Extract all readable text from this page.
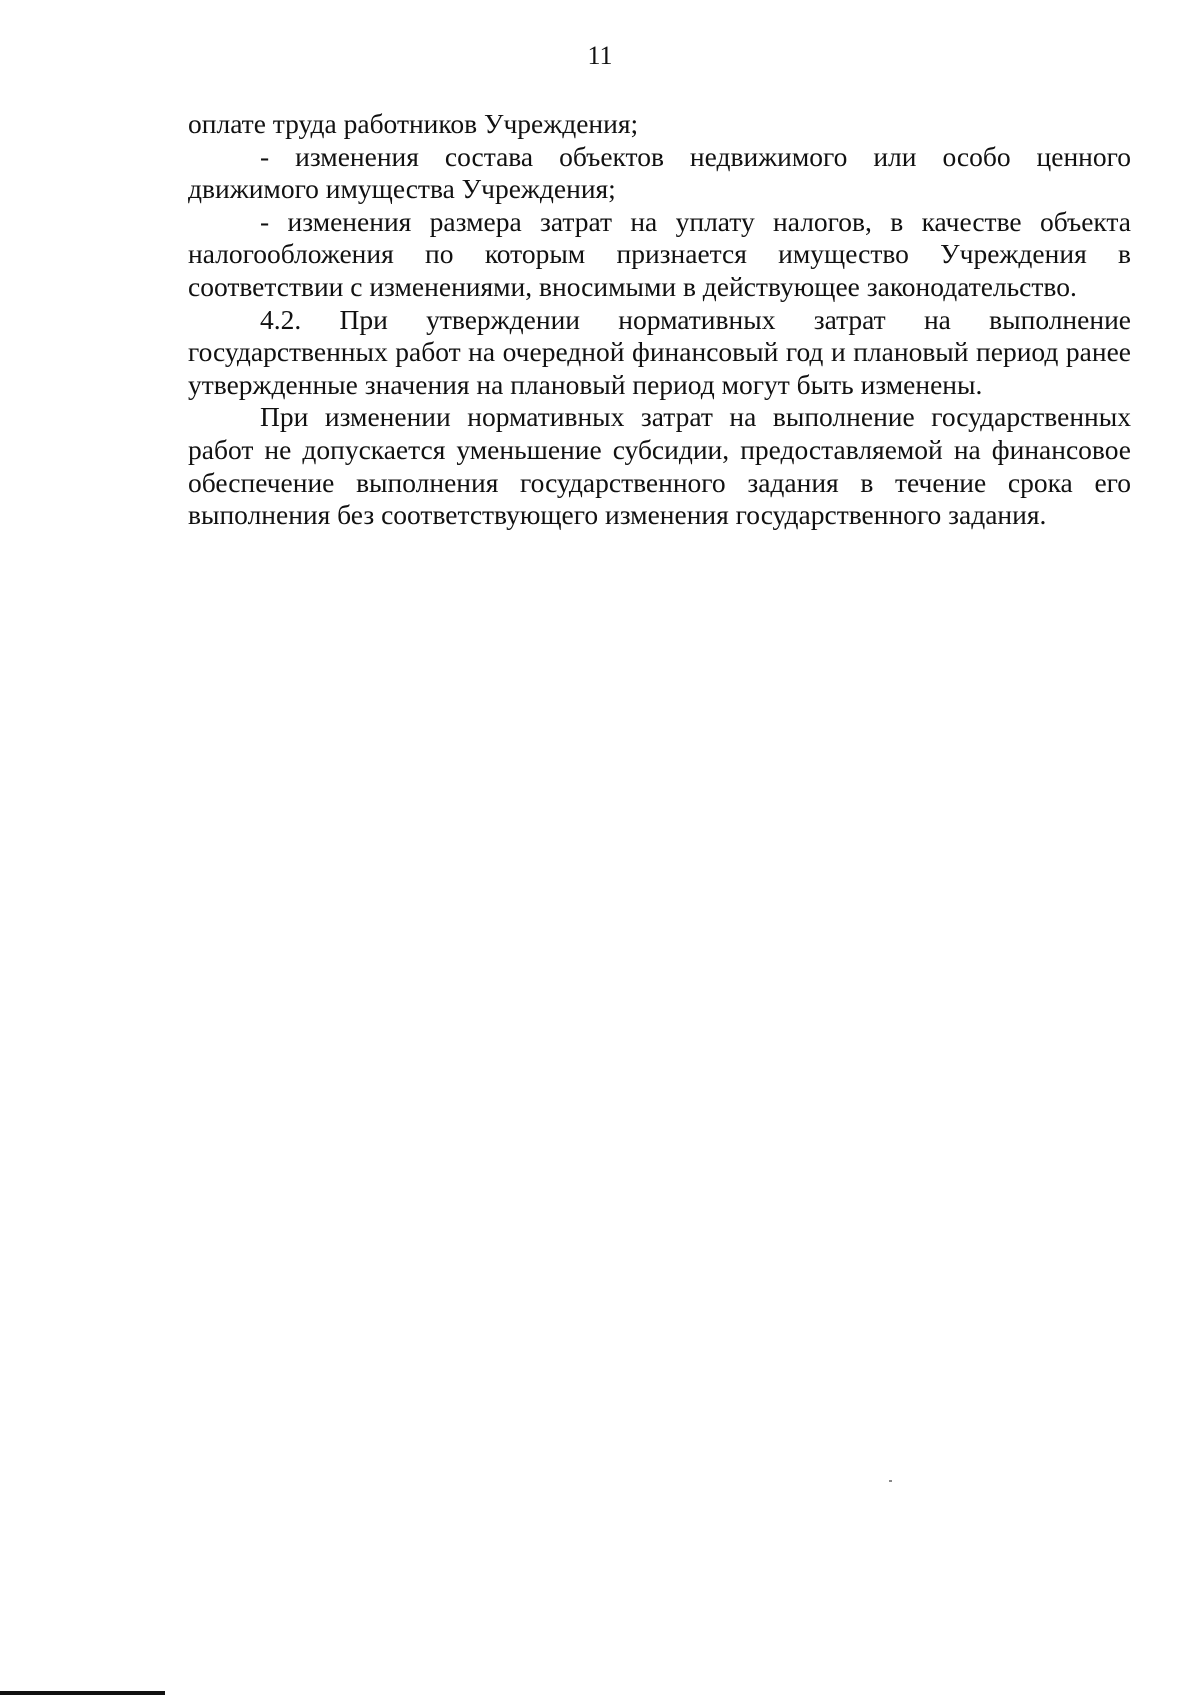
11

оплате труда работников Учреждения;

- изменения состава объектов недвижимого или особо ценного движимого имущества Учреждения;

- изменения размера затрат на уплату налогов, в качестве объекта налогообложения по которым признается имущество Учреждения в соответствии с изменениями, вносимыми в действующее законодательство.

4.2. При утверждении нормативных затрат на выполнение государственных работ на очередной финансовый год и плановый период ранее утвержденные значения на плановый период могут быть изменены.

При изменении нормативных затрат на выполнение государственных работ не допускается уменьшение субсидии, предоставляемой на финансовое обеспечение выполнения государственного задания в течение срока его выполнения без соответствующего изменения государственного задания.
